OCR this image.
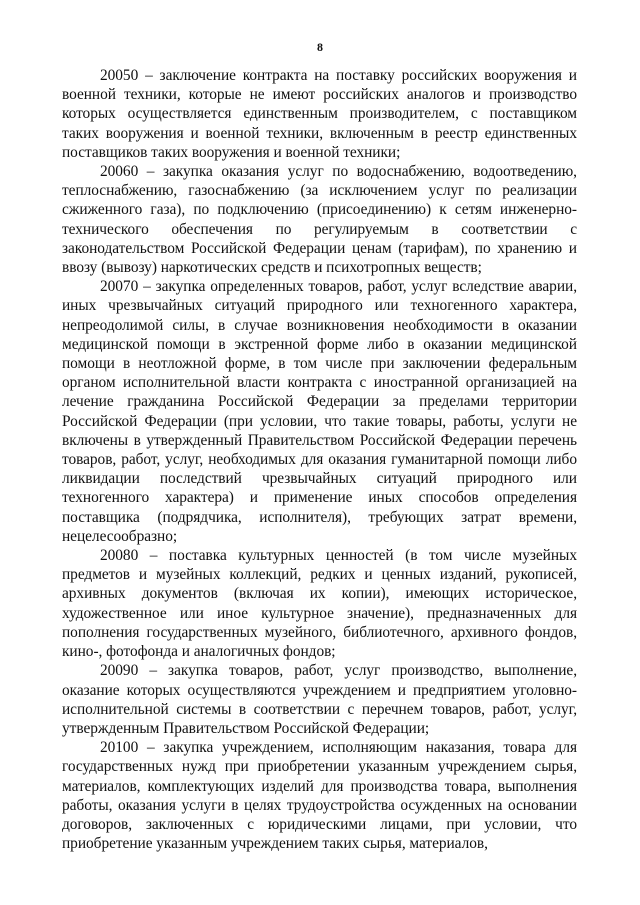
8

20050 – заключение контракта на поставку российских вооружения и военной техники, которые не имеют российских аналогов и производство которых осуществляется единственным производителем, с поставщиком таких вооружения и военной техники, включенным в реестр единственных поставщиков таких вооружения и военной техники;

20060 – закупка оказания услуг по водоснабжению, водоотведению, теплоснабжению, газоснабжению (за исключением услуг по реализации сжиженного газа), по подключению (присоединению) к сетям инженерно-технического обеспечения по регулируемым в соответствии с законодательством Российской Федерации ценам (тарифам), по хранению и ввозу (вывозу) наркотических средств и психотропных веществ;

20070 – закупка определенных товаров, работ, услуг вследствие аварии, иных чрезвычайных ситуаций природного или техногенного характера, непреодолимой силы, в случае возникновения необходимости в оказании медицинской помощи в экстренной форме либо в оказании медицинской помощи в неотложной форме, в том числе при заключении федеральным органом исполнительной власти контракта с иностранной организацией на лечение гражданина Российской Федерации за пределами территории Российской Федерации (при условии, что такие товары, работы, услуги не включены в утвержденный Правительством Российской Федерации перечень товаров, работ, услуг, необходимых для оказания гуманитарной помощи либо ликвидации последствий чрезвычайных ситуаций природного или техногенного характера) и применение иных способов определения поставщика (подрядчика, исполнителя), требующих затрат времени, нецелесообразно;

20080 – поставка культурных ценностей (в том числе музейных предметов и музейных коллекций, редких и ценных изданий, рукописей, архивных документов (включая их копии), имеющих историческое, художественное или иное культурное значение), предназначенных для пополнения государственных музейного, библиотечного, архивного фондов, кино-, фотофонда и аналогичных фондов;

20090 – закупка товаров, работ, услуг производство, выполнение, оказание которых осуществляются учреждением и предприятием уголовно-исполнительной системы в соответствии с перечнем товаров, работ, услуг, утвержденным Правительством Российской Федерации;

20100 – закупка учреждением, исполняющим наказания, товара для государственных нужд при приобретении указанным учреждением сырья, материалов, комплектующих изделий для производства товара, выполнения работы, оказания услуги в целях трудоустройства осужденных на основании договоров, заключенных с юридическими лицами, при условии, что приобретение указанным учреждением таких сырья, материалов,
